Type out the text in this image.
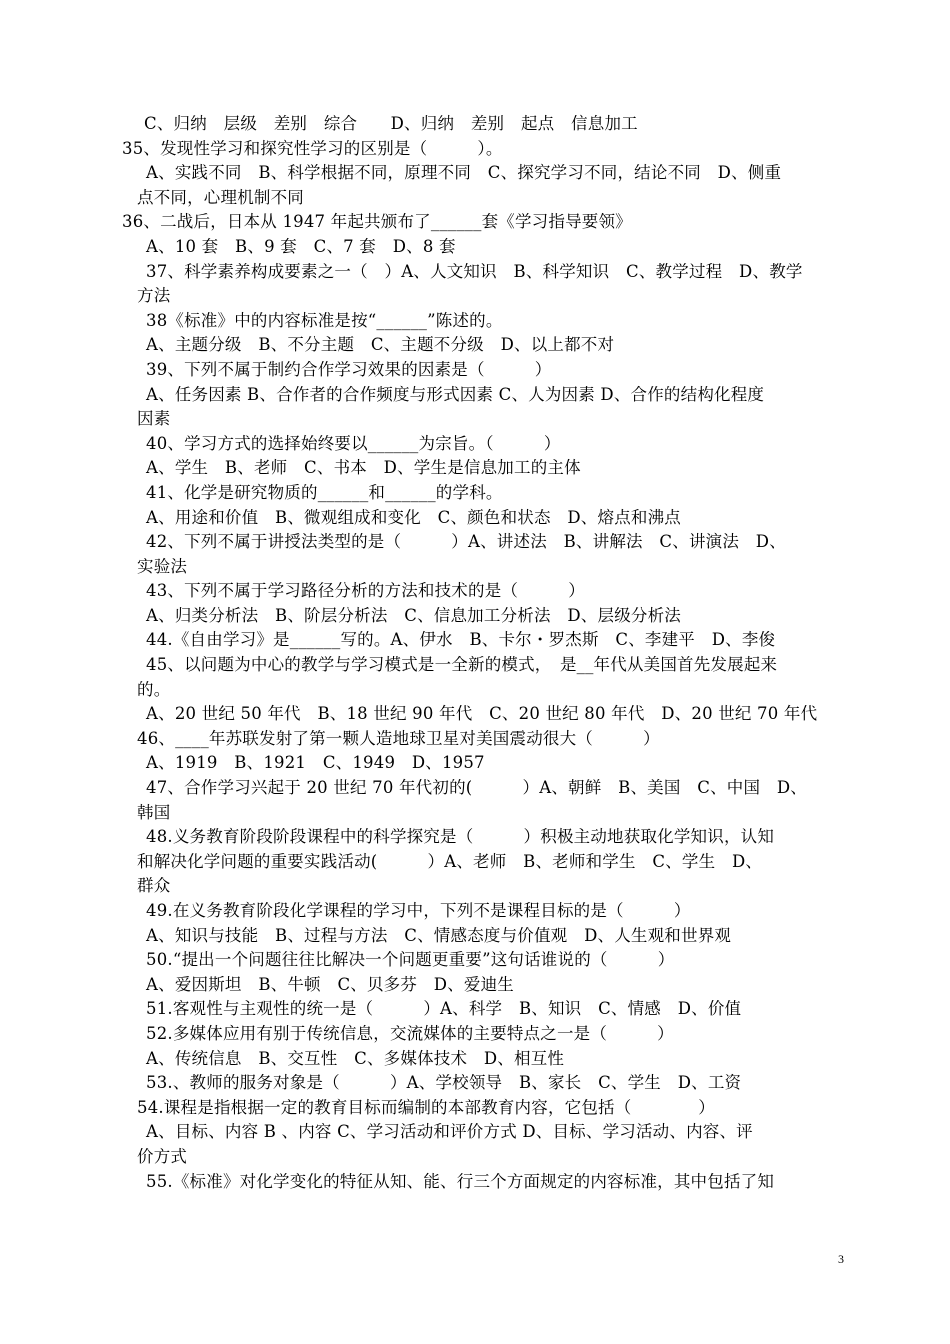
C、归纳　层级　差别　综合　　D、归纳　差别　起点　信息加工
35、发现性学习和探究性学习的区别是（　　　）。
A、实践不同　B、科学根据不同，原理不同　C、探究学习不同，结论不同　D、侧重
点不同，心理机制不同
36、二战后，日本从 1947 年起共颁布了______套《学习指导要领》
A、10 套　B、9 套　C、7 套　D、8 套
37、科学素养构成要素之一（　）A、人文知识　B、科学知识　C、教学过程　D、教学
方法
38《标准》中的内容标准是按“______”陈述的。
A、主题分级　B、不分主题　C、主题不分级　D、以上都不对
39、下列不属于制约合作学习效果的因素是（　　　）
A、任务因素 B、合作者的合作频度与形式因素 C、人为因素 D、合作的结构化程度
因素
40、学习方式的选择始终要以______为宗旨。（　　　）
A、学生　B、老师　C、书本　D、学生是信息加工的主体
41、化学是研究物质的______和______的学科。
A、用途和价值　B、微观组成和变化　C、颜色和状态　D、熔点和沸点
42、下列不属于讲授法类型的是（　　　）A、讲述法　B、讲解法　C、讲演法　D、
实验法
43、下列不属于学习路径分析的方法和技术的是（　　　）
A、归类分析法　B、阶层分析法　C、信息加工分析法　D、层级分析法
44.《自由学习》是______写的。A、伊水　B、卡尔・罗杰斯　C、李建平　D、李俊
45、以问题为中心的教学与学习模式是一全新的模式，　是__年代从美国首先发展起来
的。
A、20 世纪 50 年代　B、18 世纪 90 年代　C、20 世纪 80 年代　D、20 世纪 70 年代
46、____年苏联发射了第一颗人造地球卫星对美国震动很大（　　　）
A、1919　B、1921　C、1949　D、1957
47、合作学习兴起于 20 世纪 70 年代初的(　　　）A、朝鲜　B、美国　C、中国　D、
韩国
48.义务教育阶段阶段课程中的科学探究是（　　　）积极主动地获取化学知识，认知
和解决化学问题的重要实践活动(　　　）A、老师　B、老师和学生　C、学生　D、
群众
49.在义务教育阶段化学课程的学习中，下列不是课程目标的是（　　　）
A、知识与技能　B、过程与方法　C、情感态度与价值观　D、人生观和世界观
50.“提出一个问题往往比解决一个问题更重要”这句话谁说的（　　　）
A、爱因斯坦　B、牛顿　C、贝多芬　D、爱迪生
51.客观性与主观性的统一是（　　　）A、科学　B、知识　C、情感　D、价值
52.多媒体应用有别于传统信息，交流媒体的主要特点之一是（　　　）
A、传统信息　B、交互性　C、多媒体技术　D、相互性
53.、教师的服务对象是（　　　）A、学校领导　B、家长　C、学生　D、工资
54.课程是指根据一定的教育目标而编制的本部教育内容，它包括（　　　　）
A、目标、内容 B 、内容 C、学习活动和评价方式 D、目标、学习活动、内容、评
价方式
55.《标准》对化学变化的特征从知、能、行三个方面规定的内容标准，其中包括了知
3
